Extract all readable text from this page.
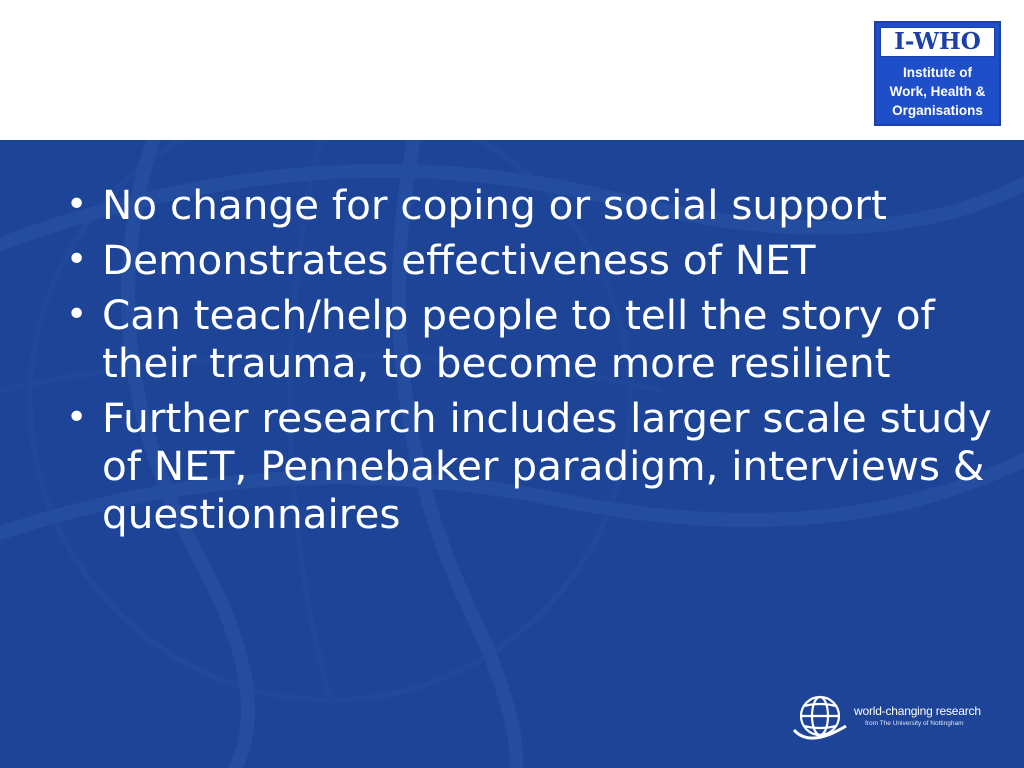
I-WHO
Institute of
Work, Health &
Organisations
• No change for coping or social support
• Demonstrates effectiveness of NET
• Can teach/help people to tell the story of their trauma, to become more resilient
• Further research includes larger scale study of NET, Pennebaker paradigm, interviews & questionnaires
world-changing research
from The University of Nottingham
